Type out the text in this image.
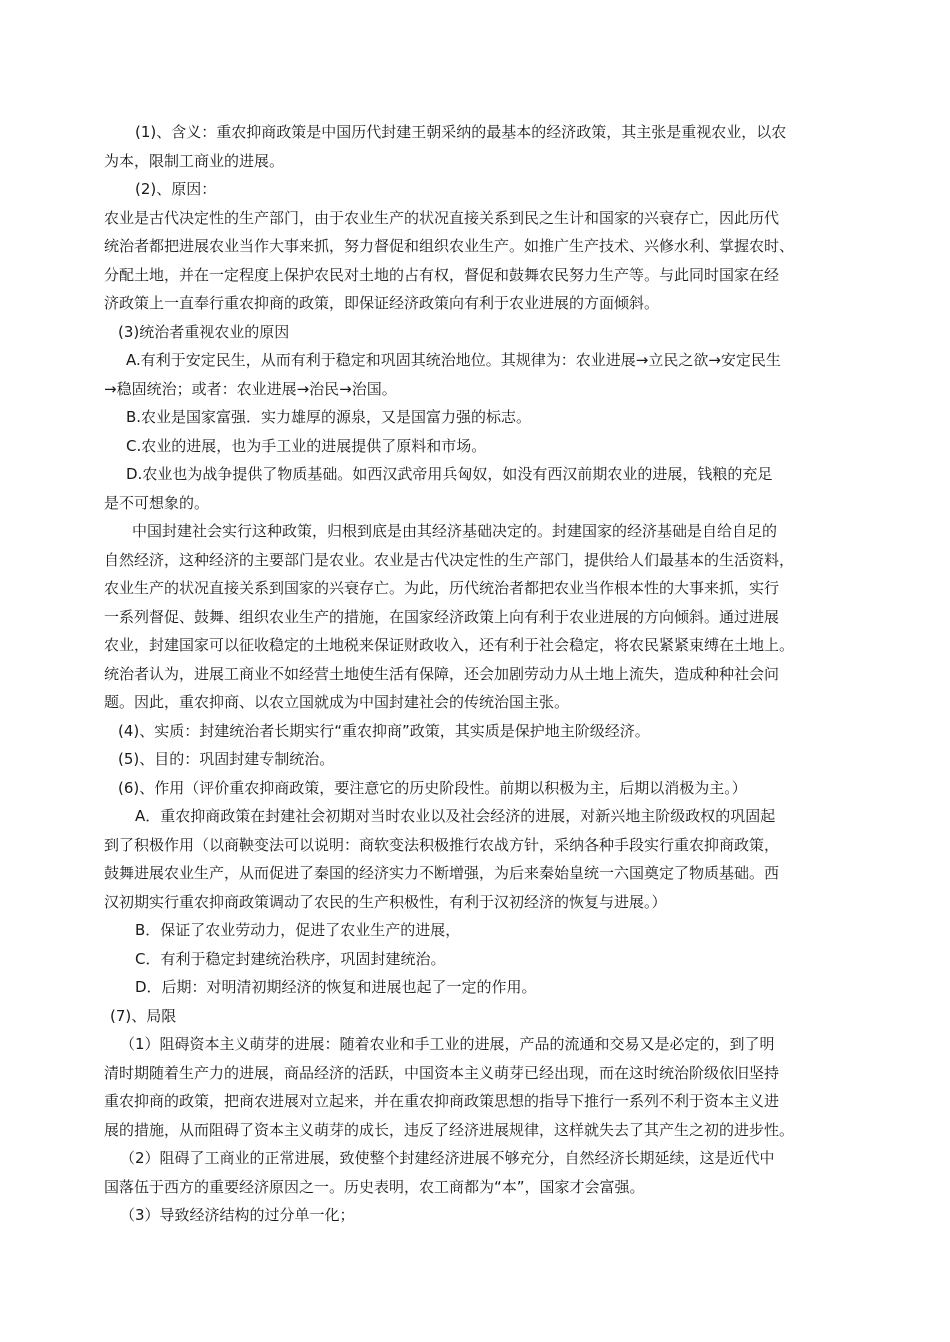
(1)、含义：重农抑商政策是中国历代封建王朝采纳的最基本的经济政策，其主张是重视农业，以农
为本，限制工商业的进展。
(2)、原因：
农业是古代决定性的生产部门，由于农业生产的状况直接关系到民之生计和国家的兴衰存亡，因此历代
统治者都把进展农业当作大事来抓，努力督促和组织农业生产。如推广生产技术、兴修水利、掌握农时、
分配土地，并在一定程度上保护农民对土地的占有权，督促和鼓舞农民努力生产等。与此同时国家在经
济政策上一直奉行重农抑商的政策，即保证经济政策向有利于农业进展的方面倾斜。
(3)统治者重视农业的原因
A.有利于安定民生，从而有利于稳定和巩固其统治地位。其规律为：农业进展→立民之欲→安定民生
→稳固统治；或者：农业进展→治民→治国。
B.农业是国家富强．实力雄厚的源泉，又是国富力强的标志。
C.农业的进展，也为手工业的进展提供了原料和市场。
D.农业也为战争提供了物质基础。如西汉武帝用兵匈奴，如没有西汉前期农业的进展，钱粮的充足
是不可想象的。
中国封建社会实行这种政策，归根到底是由其经济基础决定的。封建国家的经济基础是自给自足的
自然经济，这种经济的主要部门是农业。农业是古代决定性的生产部门，提供给人们最基本的生活资料，
农业生产的状况直接关系到国家的兴衰存亡。为此，历代统治者都把农业当作根本性的大事来抓，实行
一系列督促、鼓舞、组织农业生产的措施，在国家经济政策上向有利于农业进展的方向倾斜。通过进展
农业，封建国家可以征收稳定的土地税来保证财政收入，还有利于社会稳定，将农民紧紧束缚在土地上。
统治者认为，进展工商业不如经营土地使生活有保障，还会加剧劳动力从土地上流失，造成种种社会问
题。因此，重农抑商、以农立国就成为中国封建社会的传统治国主张。
(4)、实质：封建统治者长期实行“重农抑商”政策，其实质是保护地主阶级经济。
(5)、目的：巩固封建专制统治。
(6)、作用（评价重农抑商政策，要注意它的历史阶段性。前期以积极为主，后期以消极为主。）
A．重农抑商政策在封建社会初期对当时农业以及社会经济的进展，对新兴地主阶级政权的巩固起
到了积极作用（以商鞅变法可以说明：商软变法积极推行农战方针，采纳各种手段实行重农抑商政策，
鼓舞进展农业生产，从而促进了秦国的经济实力不断增强，为后来秦始皇统一六国奠定了物质基础。西
汉初期实行重农抑商政策调动了农民的生产积极性，有利于汉初经济的恢复与进展。）
B．保证了农业劳动力，促进了农业生产的进展，
C．有利于稳定封建统治秩序，巩固封建统治。
D．后期：对明清初期经济的恢复和进展也起了一定的作用。
(7)、局限
（1）阻碍资本主义萌芽的进展：随着农业和手工业的进展，产品的流通和交易又是必定的，到了明
清时期随着生产力的进展，商品经济的活跃，中国资本主义萌芽已经出现，而在这时统治阶级依旧坚持
重农抑商的政策，把商农进展对立起来，并在重农抑商政策思想的指导下推行一系列不利于资本主义进
展的措施，从而阻碍了资本主义萌芽的成长，违反了经济进展规律，这样就失去了其产生之初的进步性。
（2）阻碍了工商业的正常进展，致使整个封建经济进展不够充分，自然经济长期延续，这是近代中
国落伍于西方的重要经济原因之一。历史表明，农工商都为“本”，国家才会富强。
（3）导致经济结构的过分单一化；
